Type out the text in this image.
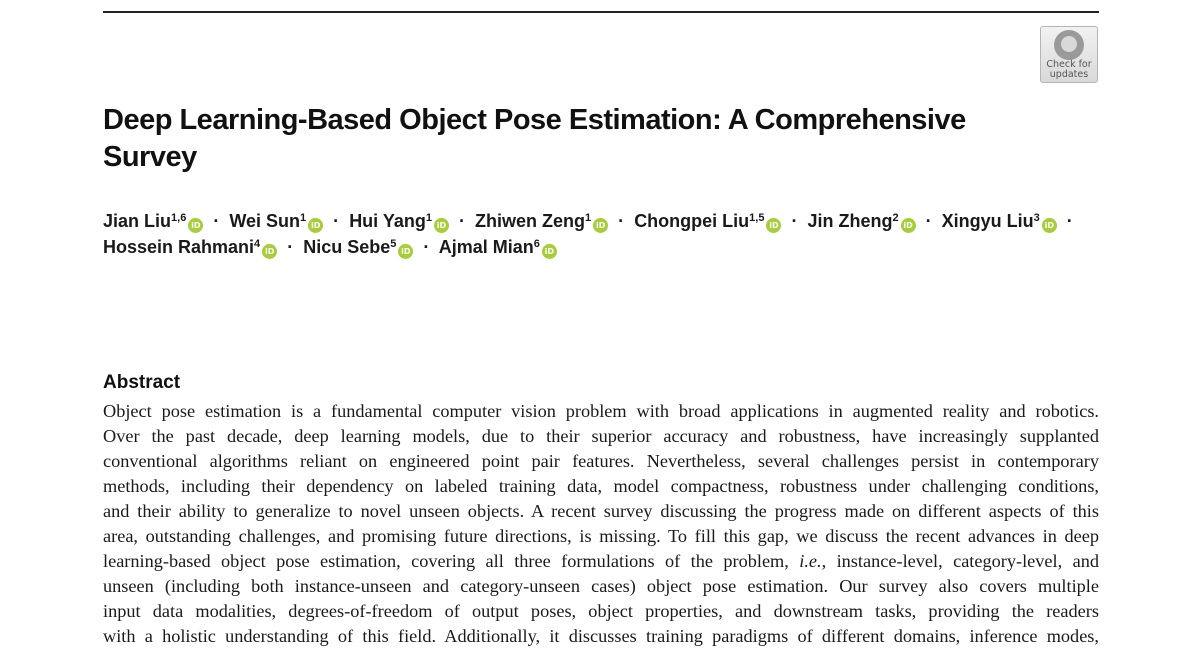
Check for
updates
Deep Learning-Based Object Pose Estimation: A Comprehensive Survey
Jian Liu$^{1,6}$iD · Wei Sun$^1$iD · Hui Yang$^1$iD · Zhiwen Zeng$^1$iD · Chongpei Liu$^{1,5}$iD · Jin Zheng$^2$iD · Xingyu Liu$^3$iD ·
Hossein Rahmani$^4$iD · Nicu Sebe$^5$iD · Ajmal Mian$^6$iD
Abstract
Object pose estimation is a fundamental computer vision problem with broad applications in augmented reality and robotics.
Over the past decade, deep learning models, due to their superior accuracy and robustness, have increasingly supplanted
conventional algorithms reliant on engineered point pair features. Nevertheless, several challenges persist in contemporary
methods, including their dependency on labeled training data, model compactness, robustness under challenging conditions,
and their ability to generalize to novel unseen objects. A recent survey discussing the progress made on different aspects of this
area, outstanding challenges, and promising future directions, is missing. To fill this gap, we discuss the recent advances in deep
learning-based object pose estimation, covering all three formulations of the problem, i.e., instance-level, category-level, and
unseen (including both instance-unseen and category-unseen cases) object pose estimation. Our survey also covers multiple
input data modalities, degrees-of-freedom of output poses, object properties, and downstream tasks, providing the readers
with a holistic understanding of this field. Additionally, it discusses training paradigms of different domains, inference modes,
